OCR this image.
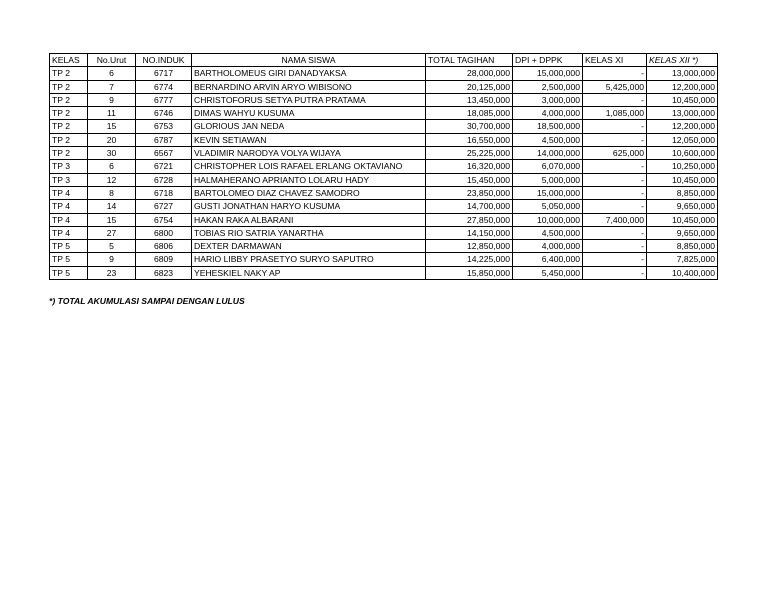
KELAS	No.Urut	NO.INDUK	NAMA SISWA	TOTAL TAGIHAN	DPI + DPPK	KELAS XI	KELAS XII *)
TP 2	6	6717	BARTHOLOMEUS GIRI DANADYAKSA	28,000,000	15,000,000	-	13,000,000
TP 2	7	6774	BERNARDINO ARVIN ARYO WIBISONO	20,125,000	2,500,000	5,425,000	12,200,000
TP 2	9	6777	CHRISTOFORUS SETYA PUTRA PRATAMA	13,450,000	3,000,000	-	10,450,000
TP 2	11	6746	DIMAS WAHYU KUSUMA	18,085,000	4,000,000	1,085,000	13,000,000
TP 2	15	6753	GLORIOUS JAN NEDA	30,700,000	18,500,000	-	12,200,000
TP 2	20	6787	KEVIN SETIAWAN	16,550,000	4,500,000	-	12,050,000
TP 2	30	6567	VLADIMIR NARODYA VOLYA WIJAYA	25,225,000	14,000,000	625,000	10,600,000
TP 3	6	6721	CHRISTOPHER LOIS RAFAEL ERLANG OKTAVIANO	16,320,000	6,070,000	-	10,250,000
TP 3	12	6728	HALMAHERANO APRIANTO LOLARU HADY	15,450,000	5,000,000	-	10,450,000
TP 4	8	6718	BARTOLOMEO DIAZ CHAVEZ SAMODRO	23,850,000	15,000,000	-	8,850,000
TP 4	14	6727	GUSTI JONATHAN HARYO KUSUMA	14,700,000	5,050,000	-	9,650,000
TP 4	15	6754	HAKAN RAKA ALBARANI	27,850,000	10,000,000	7,400,000	10,450,000
TP 4	27	6800	TOBIAS RIO SATRIA YANARTHA	14,150,000	4,500,000	-	9,650,000
TP 5	5	6806	DEXTER DARMAWAN	12,850,000	4,000,000	-	8,850,000
TP 5	9	6809	HARIO LIBBY PRASETYO SURYO SAPUTRO	14,225,000	6,400,000	-	7,825,000
TP 5	23	6823	YEHESKIEL NAKY AP	15,850,000	5,450,000	-	10,400,000
*) TOTAL AKUMULASI SAMPAI DENGAN LULUS
